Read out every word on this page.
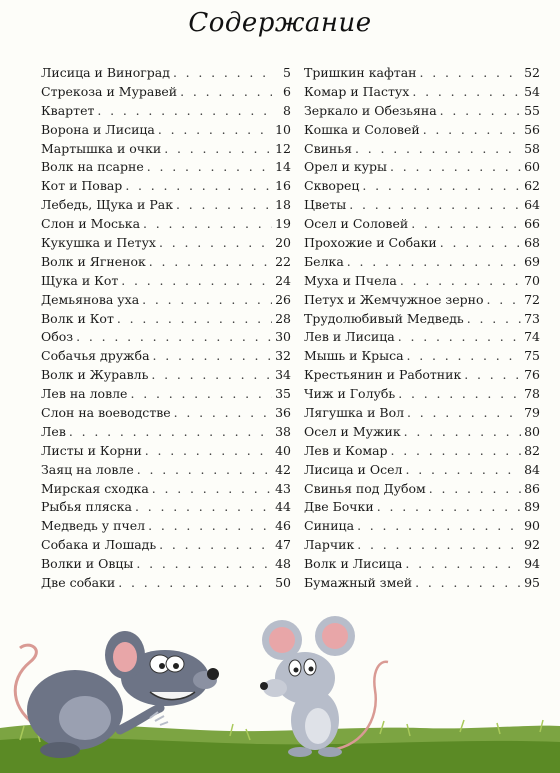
Содержание
Лисица и Виноград . . .	5
Стрекоза и Муравей . . .	6
Квартет . . .	8
Ворона и Лисица . . .	10
Мартышка и очки . . .	12
Волк на псарне . . .	14
Кот и Повар . . .	16
Лебедь, Щука и Рак . . .	18
Слон и Моська . . .	19
Кукушка и Петух . . .	20
Волк и Ягненок . . .	22
Щука и Кот . . .	24
Демьянова уха . . .	26
Волк и Кот . . .	28
Обоз . . .	30
Собачья дружба . . .	32
Волк и Журавль . . .	34
Лев на ловле . . .	35
Слон на воеводстве . . .	36
Лев . . .	38
Листы и Корни . . .	40
Заяц на ловле . . .	42
Мирская сходка . . .	43
Рыбья пляска . . .	44
Медведь у пчел . . .	46
Собака и Лошадь . . .	47
Волки и Овцы . . .	48
Две собаки . . .	50
Тришкин кафтан . . .	52
Комар и Пастух . . .	54
Зеркало и Обезьяна . . .	55
Кошка и Соловей . . .	56
Свинья . . .	58
Орел и куры . . .	60
Скворец . . .	62
Цветы . . .	64
Осел и Соловей . . .	66
Прохожие и Собаки . . .	68
Белка . . .	69
Муха и Пчела . . .	70
Петух и Жемчужное зерно . . .	72
Трудолюбивый Медведь . . .	73
Лев и Лисица . . .	74
Мышь и Крыса . . .	75
Крестьянин и Работник . . .	76
Чиж и Голубь . . .	78
Лягушка и Вол . . .	79
Осел и Мужик . . .	80
Лев и Комар . . .	82
Лисица и Осел . . .	84
Свинья под Дубом . . .	86
Две Бочки . . .	89
Синица . . .	90
Ларчик . . .	92
Волк и Лисица . . .	94
Бумажный змей . . .	95
